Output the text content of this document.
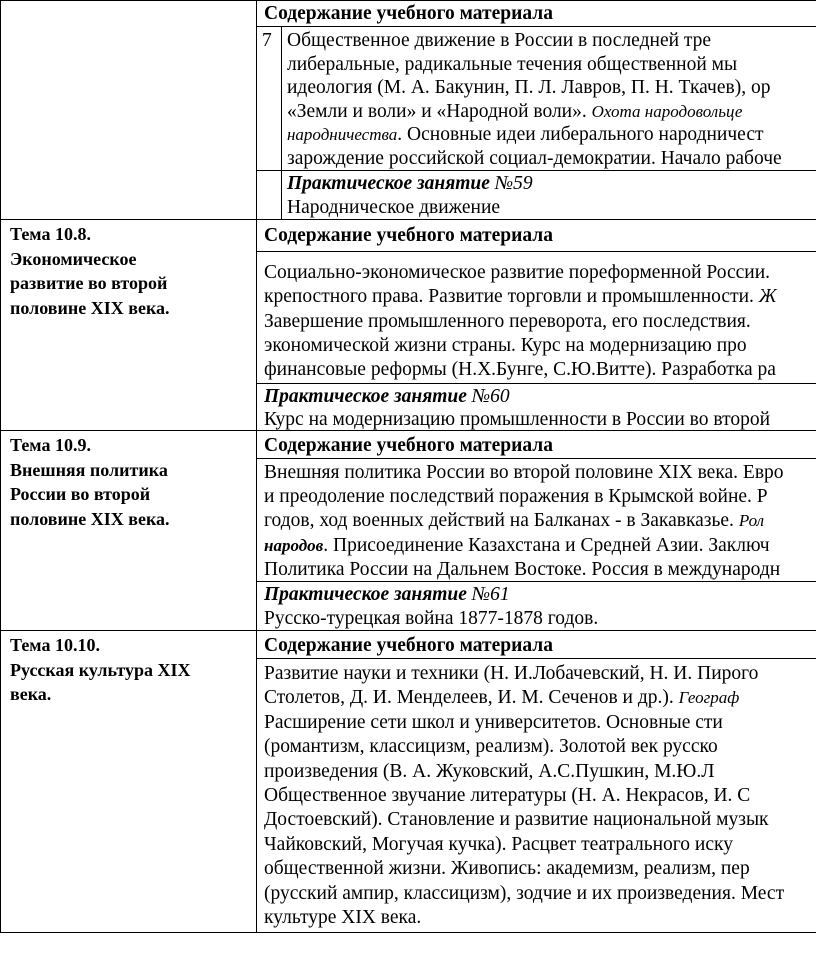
Содержание учебного материала
7 Общественное движение в России в последней тре
либеральные, радикальные течения общественной мы
идеология (М. А. Бакунин, П. Л. Лавров, П. Н. Ткачев), ор
«Земли и воли» и «Народной воли». Охота народовольце
народничества. Основные идеи либерального народничест
зарождение российской социал-демократии. Начало рабоче
Практическое занятие №59
Народническое движение
Тема 10.8.
Экономическое
развитие во второй
половине XIX века.
Содержание учебного материала
Социально-экономическое развитие пореформенной России.
крепостного права. Развитие торговли и промышленности. Ж
Завершение промышленного переворота, его последствия.
экономической жизни страны. Курс на модернизацию про
финансовые реформы (Н.Х.Бунге, С.Ю.Витте). Разработка ра
Практическое занятие №60
Курс на модернизацию промышленности в России во второй
Тема 10.9.
Внешняя политика
России во второй
половине XIX века.
Содержание учебного материала
Внешняя политика России во второй половине XIX века. Евро
и преодоление последствий поражения в Крымской войне. Р
годов, ход военных действий на Балканах - в Закавказье. Рол
народов. Присоединение Казахстана и Средней Азии. Заключ
Политика России на Дальнем Востоке. Россия в международн
Практическое занятие №61
Русско-турецкая война 1877-1878 годов.
Тема 10.10.
Русская культура XIX
века.
Содержание учебного материала
Развитие науки и техники (Н. И.Лобачевский, Н. И. Пирого
Столетов, Д. И. Менделеев, И. М. Сеченов и др.). Географ
Расширение сети школ и университетов. Основные сти
(романтизм, классицизм, реализм). Золотой век русско
произведения (В. А. Жуковский, А.С.Пушкин, М.Ю.Л
Общественное звучание литературы (Н. А. Некрасов, И. С
Достоевский). Становление и развитие национальной музык
Чайковский, Могучая кучка). Расцвет театрального иску
общественной жизни. Живопись: академизм, реализм, пер
(русский ампир, классицизм), зодчие и их произведения. Мест
культуре XIX века.
